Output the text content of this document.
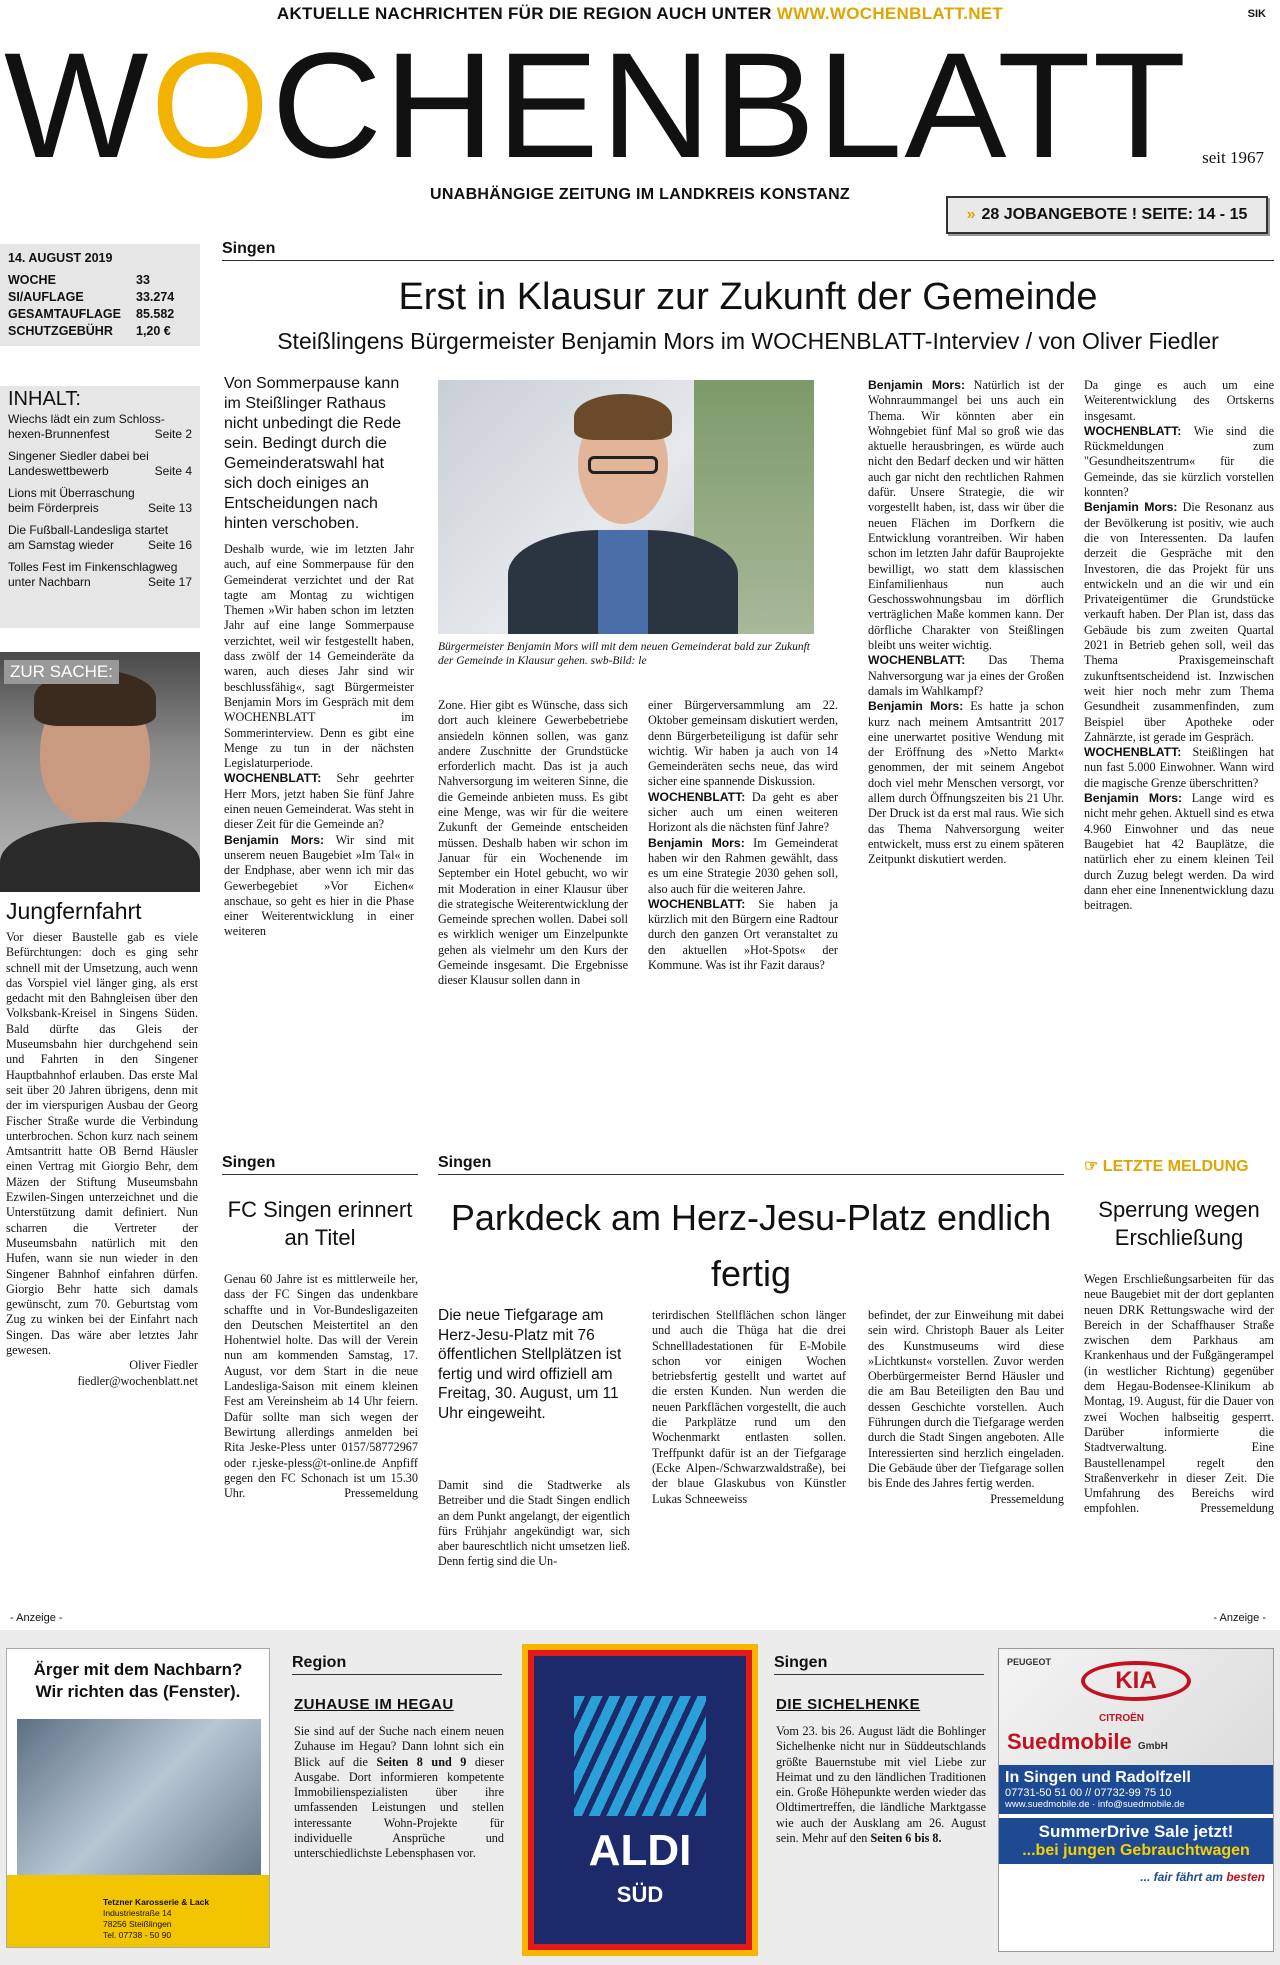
AKTUELLE NACHRICHTEN FÜR DIE REGION AUCH UNTER WWW.WOCHENBLATT.NET	SIK
WOCHENBLATT seit 1967
UNABHÄNGIGE ZEITUNG IM LANDKREIS KONSTANZ
» 28 JOBANGEBOTE ! SEITE: 14 - 15
14. AUGUST 2019
WOCHE	33
SI/AUFLAGE	33.274
GESAMTAUFLAGE 85.582
SCHUTZGEBÜHR 1,20 €
INHALT:
Wiechs lädt ein zum Schloss-
hexen-Brunnenfest	Seite 2
Singener Siedler dabei bei
Landeswettbewerb	Seite 4
Lions mit Überraschung
beim Förderpreis	Seite 13
Die Fußball-Landesliga startet
am Samstag wieder	Seite 16
Tolles Fest im Finkenschlagweg
unter Nachbarn	Seite 17
ZUR SACHE:
Jungfernfahrt
Vor dieser Baustelle gab es viele Befürchtungen: doch es ging sehr schnell mit der Umsetzung, auch wenn das Vorspiel viel länger ging, als erst gedacht mit den Bahngleisen über den Volksbank-Kreisel in Singens Süden. Bald dürfte das Gleis der Museumsbahn hier durchgehend sein und Fahrten in den Singener Hauptbahnhof erlauben. Das erste Mal seit über 20 Jahren übrigens, denn mit der im vierspurigen Ausbau der Georg Fischer Straße wurde die Verbindung unterbrochen. Schon kurz nach seinem Amtsantritt hatte OB Bernd Häusler einen Vertrag mit Giorgio Behr, dem Mäzen der Stiftung Museumsbahn Ezwilen-Singen unterzeichnet und die Unterstützung damit definiert. Nun scharren die Vertreter der Museumsbahn natürlich mit den Hufen, wann sie nun wieder in den Singener Bahnhof einfahren dürfen. Giorgio Behr hatte sich damals gewünscht, zum 70. Geburtstag vom Zug zu winken bei der Einfahrt nach Singen. Das wäre aber letztes Jahr gewesen.
Oliver Fiedler
fiedler@wochenblatt.net
Singen
Erst in Klausur zur Zukunft der Gemeinde
Steißlingens Bürgermeister Benjamin Mors im WOCHENBLATT-Interviev / von Oliver Fiedler
Von Sommerpause kann im Steißlinger Rathaus nicht unbedingt die Rede sein. Bedingt durch die Gemeinderatswahl hat sich doch einiges an Entscheidungen nach hinten verschoben.
Deshalb wurde, wie im letzten Jahr auch, auf eine Sommerpause für den Gemeinderat verzichtet und der Rat tagte am Montag zu wichtigen Themen »Wir haben schon im letzten Jahr auf eine lange Sommerpause verzichtet, weil wir festgestellt haben, dass zwölf der 14 Gemeinderäte da waren, auch dieses Jahr sind wir beschlussfähig«, sagt Bürgermeister Benjamin Mors im Gespräch mit dem WOCHENBLATT im Sommerinterview. Denn es gibt eine Menge zu tun in der nächsten Legislaturperiode.
WOCHENBLATT: Sehr geehrter Herr Mors, jetzt haben Sie fünf Jahre einen neuen Gemeinderat. Was steht in dieser Zeit für die Gemeinde an?
Benjamin Mors: Wir sind mit unserem neuen Baugebiet »Im Tal« in der Endphase, aber wenn ich mir das Gewerbegebiet »Vor Eichen« anschaue, so geht es hier in die Phase einer Weiterentwicklung in einer weiteren
Bürgermeister Benjamin Mors will mit dem neuen Gemeinderat bald zur Zukunft der Gemeinde in Klausur gehen. swb-Bild: le
Zone. Hier gibt es Wünsche, dass sich dort auch kleinere Gewerbebetriebe ansiedeln können sollen, was ganz andere Zuschnitte der Grundstücke erforderlich macht. Das ist ja auch Nahversorgung im weiteren Sinne, die die Gemeinde anbieten muss. Es gibt eine Menge, was wir für die weitere Zukunft der Gemeinde entscheiden müssen. Deshalb haben wir schon im Januar für ein Wochenende im September ein Hotel gebucht, wo wir mit Moderation in einer Klausur über die strategische Weiterentwicklung der Gemeinde sprechen wollen. Dabei soll es wirklich weniger um Einzelpunkte gehen als vielmehr um den Kurs der Gemeinde insgesamt. Die Ergebnisse dieser Klausur sollen dann in
einer Bürgerversammlung am 22. Oktober gemeinsam diskutiert werden, denn Bürgerbeteiligung ist dafür sehr wichtig. Wir haben ja auch von 14 Gemeinderäten sechs neue, das wird sicher eine spannende Diskussion.
WOCHENBLATT: Da geht es aber sicher auch um einen weiteren Horizont als die nächsten fünf Jahre?
Benjamin Mors: Im Gemeinderat haben wir den Rahmen gewählt, dass es um eine Strategie 2030 gehen soll, also auch für die weiteren Jahre.
WOCHENBLATT: Sie haben ja kürzlich mit den Bürgern eine Radtour durch den ganzen Ort veranstaltet zu den aktuellen »Hot-Spots« der Kommune. Was ist ihr Fazit daraus?
Benjamin Mors: Natürlich ist der Wohnraummangel bei uns auch ein Thema. Wir könnten aber ein Wohngebiet fünf Mal so groß wie das aktuelle herausbringen, es würde auch nicht den Bedarf decken und wir hätten auch gar nicht den rechtlichen Rahmen dafür. Unsere Strategie, die wir vorgestellt haben, ist, dass wir über die neuen Flächen im Dorfkern die Entwicklung vorantreiben. Wir haben schon im letzten Jahr dafür Bauprojekte bewilligt, wo statt dem klassischen Einfamilienhaus nun auch Geschosswohnungsbau im dörflich verträglichen Maße kommen kann. Der dörfliche Charakter von Steißlingen bleibt uns weiter wichtig.
WOCHENBLATT: Das Thema Nahversorgung war ja eines der Großen damals im Wahlkampf?
Benjamin Mors: Es hatte ja schon kurz nach meinem Amtsantritt 2017 eine unerwartet positive Wendung mit der Eröffnung des »Netto Markt« genommen, der mit seinem Angebot doch viel mehr Menschen versorgt, vor allem durch Öffnungszeiten bis 21 Uhr. Der Druck ist da erst mal raus. Wie sich das Thema Nahversorgung weiter entwickelt, muss erst zu einem späteren Zeitpunkt diskutiert werden.
Da ginge es auch um eine Weiterentwicklung des Ortskerns insgesamt.
WOCHENBLATT: Wie sind die Rückmeldungen zum "Gesundheitszentrum« für die Gemeinde, das sie kürzlich vorstellen konnten?
Benjamin Mors: Die Resonanz aus der Bevölkerung ist positiv, wie auch die von Interessenten. Da laufen derzeit die Gespräche mit den Investoren, die das Projekt für uns entwickeln und an die wir und ein Privateigentümer die Grundstücke verkauft haben. Der Plan ist, dass das Gebäude bis zum zweiten Quartal 2021 in Betrieb gehen soll, weil das Thema Praxisgemeinschaft zukunftsentscheidend ist. Inzwischen weit hier noch mehr zum Thema Gesundheit zusammenfinden, zum Beispiel über Apotheke oder Zahnärzte, ist gerade im Gespräch.
WOCHENBLATT: Steißlingen hat nun fast 5.000 Einwohner. Wann wird die magische Grenze überschritten?
Benjamin Mors: Lange wird es nicht mehr gehen. Aktuell sind es etwa 4.960 Einwohner und das neue Baugebiet hat 42 Bauplätze, die natürlich eher zu einem kleinen Teil durch Zuzug belegt werden. Da wird dann eher eine Innenentwicklung dazu beitragen.
Singen
FC Singen erinnert an Titel
Genau 60 Jahre ist es mittlerweile her, dass der FC Singen das undenkbare schaffte und in Vor-Bundesligazeiten den Deutschen Meistertitel an den Hohentwiel holte. Das will der Verein nun am kommenden Samstag, 17. August, vor dem Start in die neue Landesliga-Saison mit einem kleinen Fest am Vereinsheim ab 14 Uhr feiern. Dafür sollte man sich wegen der Bewirtung allerdings anmelden bei Rita Jeske-Pless unter 0157/58772967 oder r.jeske-pless@t-online.de Anpfiff gegen den FC Schonach ist um 15.30 Uhr.	Pressemeldung
Singen
Parkdeck am Herz-Jesu-Platz endlich fertig
Die neue Tiefgarage am Herz-Jesu-Platz mit 76 öffentlichen Stellplätzen ist fertig und wird offiziell am Freitag, 30. August, um 11 Uhr eingeweiht.
Damit sind die Stadtwerke als Betreiber und die Stadt Singen endlich an dem Punkt angelangt, der eigentlich fürs Frühjahr angekündigt war, sich aber baureschtlich nicht umsetzen ließ. Denn fertig sind die Un-
terirdischen Stellflächen schon länger und auch die Thüga hat die drei Schnellladestationen für E-Mobile schon vor einigen Wochen betriebsfertig gestellt und wartet auf die ersten Kunden. Nun werden die neuen Parkflächen vorgestellt, die auch die Parkplätze rund um den Wochenmarkt entlasten sollen. Treffpunkt dafür ist an der Tiefgarage (Ecke Alpen-/Schwarzwaldstraße), bei der blaue Glaskubus von Künstler Lukas Schneeweiss
befindet, der zur Einweihung mit dabei sein wird. Christoph Bauer als Leiter des Kunstmuseums wird diese »Lichtkunst« vorstellen. Zuvor werden Oberbürgermeister Bernd Häusler und die am Bau Beteiligten den Bau und dessen Geschichte vorstellen. Auch Führungen durch die Tiefgarage werden durch die Stadt Singen angeboten. Alle Interessierten sind herzlich eingeladen. Die Gebäude über der Tiefgarage sollen bis Ende des Jahres fertig werden.
Pressemeldung
☞ LETZTE MELDUNG
Sperrung wegen Erschließung
Wegen Erschließungsarbeiten für das neue Baugebiet mit der dort geplanten neuen DRK Rettungswache wird der Bereich in der Schaffhauser Straße zwischen dem Parkhaus am Krankenhaus und der Fußgängerampel (in westlicher Richtung) gegenüber dem Hegau-Bodensee-Klinikum ab Montag, 19. August, für die Dauer von zwei Wochen halbseitig gesperrt. Darüber informierte die Stadtverwaltung. Eine Baustellenampel regelt den Straßenverkehr in dieser Zeit. Die Umfahrung des Bereichs wird empfohlen.	Pressemeldung
- Anzeige -	- Anzeige -
Ärger mit dem Nachbarn?
Wir richten das (Fenster).
Tetzner Karosserie & Lack
Industriestraße 14
78256 Steißlingen
Tel. 07738 - 50 90
Region
ZUHAUSE IM HEGAU
Sie sind auf der Suche nach einem neuen Zuhause im Hegau? Dann lohnt sich ein Blick auf die Seiten 8 und 9 dieser Ausgabe. Dort informieren kompetente Immobilienspezialisten über ihre umfassenden Leistungen und stellen interessante Wohn-Projekte für individuelle Ansprüche und unterschiedlichste Lebensphasen vor.	ALDI
SÜD
Singen
DIE SICHELHENKE
Vom 23. bis 26. August lädt die Bohlinger Sichelhenke nicht nur in Süddeutschlands größte Bauernstube mit viel Liebe zur Heimat und zu den ländlichen Traditionen ein. Große Höhepunkte werden wieder das Oldtimertreffen, die ländliche Marktgasse wie auch der Ausklang am 26. August sein. Mehr auf den Seiten 6 bis 8.
PEUGEOT
KIA
CITROËN
Suedmobile GmbH
In Singen und Radolfzell
07731-50 51 00 // 07732-99 75 10
www.suedmobile.de · info@suedmobile.de
SummerDrive Sale jetzt!
...bei jungen Gebrauchtwagen
... fair fährt am besten
